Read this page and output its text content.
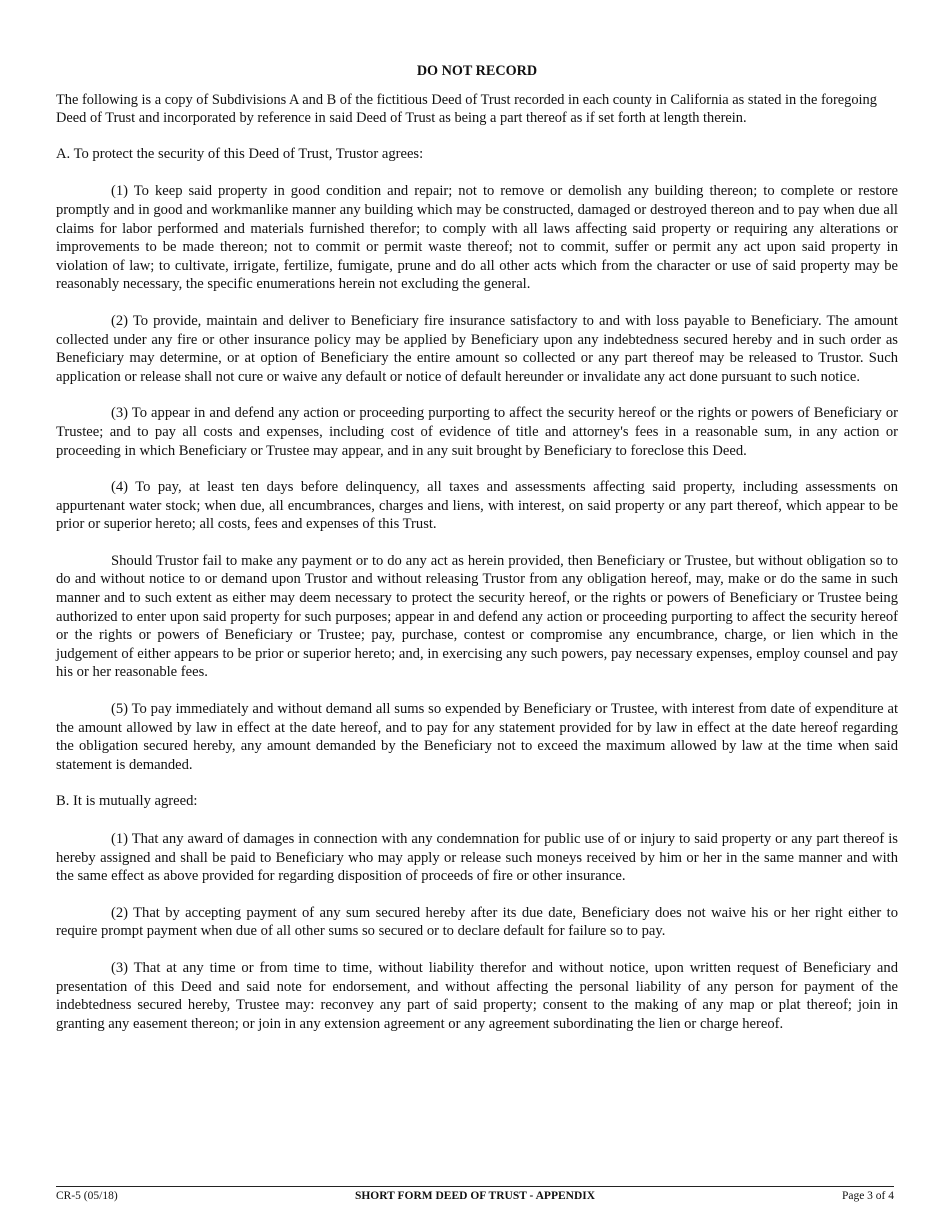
DO NOT RECORD
The following is a copy of Subdivisions A and B of the fictitious Deed of Trust recorded in each county in California as stated in the foregoing Deed of Trust and incorporated by reference in said Deed of Trust as being a part thereof as if set forth at length therein.
A. To protect the security of this Deed of Trust, Trustor agrees:
(1) To keep said property in good condition and repair; not to remove or demolish any building thereon; to complete or restore promptly and in good and workmanlike manner any building which may be constructed, damaged or destroyed thereon and to pay when due all claims for labor performed and materials furnished therefor; to comply with all laws affecting said property or requiring any alterations or improvements to be made thereon; not to commit or permit waste thereof; not to commit, suffer or permit any act upon said property in violation of law; to cultivate, irrigate, fertilize, fumigate, prune and do all other acts which from the character or use of said property may be reasonably necessary, the specific enumerations herein not excluding the general.
(2) To provide, maintain and deliver to Beneficiary fire insurance satisfactory to and with loss payable to Beneficiary. The amount collected under any fire or other insurance policy may be applied by Beneficiary upon any indebtedness secured hereby and in such order as Beneficiary may determine, or at option of Beneficiary the entire amount so collected or any part thereof may be released to Trustor. Such application or release shall not cure or waive any default or notice of default hereunder or invalidate any act done pursuant to such notice.
(3) To appear in and defend any action or proceeding purporting to affect the security hereof or the rights or powers of Beneficiary or Trustee; and to pay all costs and expenses, including cost of evidence of title and attorney's fees in a reasonable sum, in any action or proceeding in which Beneficiary or Trustee may appear, and in any suit brought by Beneficiary to foreclose this Deed.
(4) To pay, at least ten days before delinquency, all taxes and assessments affecting said property, including assessments on appurtenant water stock; when due, all encumbrances, charges and liens, with interest, on said property or any part thereof, which appear to be prior or superior hereto; all costs, fees and expenses of this Trust.
Should Trustor fail to make any payment or to do any act as herein provided, then Beneficiary or Trustee, but without obligation so to do and without notice to or demand upon Trustor and without releasing Trustor from any obligation hereof, may, make or do the same in such manner and to such extent as either may deem necessary to protect the security hereof, or the rights or powers of Beneficiary or Trustee being authorized to enter upon said property for such purposes; appear in and defend any action or proceeding purporting to affect the security hereof or the rights or powers of Beneficiary or Trustee; pay, purchase, contest or compromise any encumbrance, charge, or lien which in the judgement of either appears to be prior or superior hereto; and, in exercising any such powers, pay necessary expenses, employ counsel and pay his or her reasonable fees.
(5) To pay immediately and without demand all sums so expended by Beneficiary or Trustee, with interest from date of expenditure at the amount allowed by law in effect at the date hereof, and to pay for any statement provided for by law in effect at the date hereof regarding the obligation secured hereby, any amount demanded by the Beneficiary not to exceed the maximum allowed by law at the time when said statement is demanded.
B. It is mutually agreed:
(1) That any award of damages in connection with any condemnation for public use of or injury to said property or any part thereof is hereby assigned and shall be paid to Beneficiary who may apply or release such moneys received by him or her in the same manner and with the same effect as above provided for regarding disposition of proceeds of fire or other insurance.
(2) That by accepting payment of any sum secured hereby after its due date, Beneficiary does not waive his or her right either to require prompt payment when due of all other sums so secured or to declare default for failure so to pay.
(3) That at any time or from time to time, without liability therefor and without notice, upon written request of Beneficiary and presentation of this Deed and said note for endorsement, and without affecting the personal liability of any person for payment of the indebtedness secured hereby, Trustee may: reconvey any part of said property; consent to the making of any map or plat thereof; join in granting any easement thereon; or join in any extension agreement or any agreement subordinating the lien or charge hereof.
CR-5 (05/18)	SHORT FORM DEED OF TRUST - APPENDIX	Page 3 of 4
